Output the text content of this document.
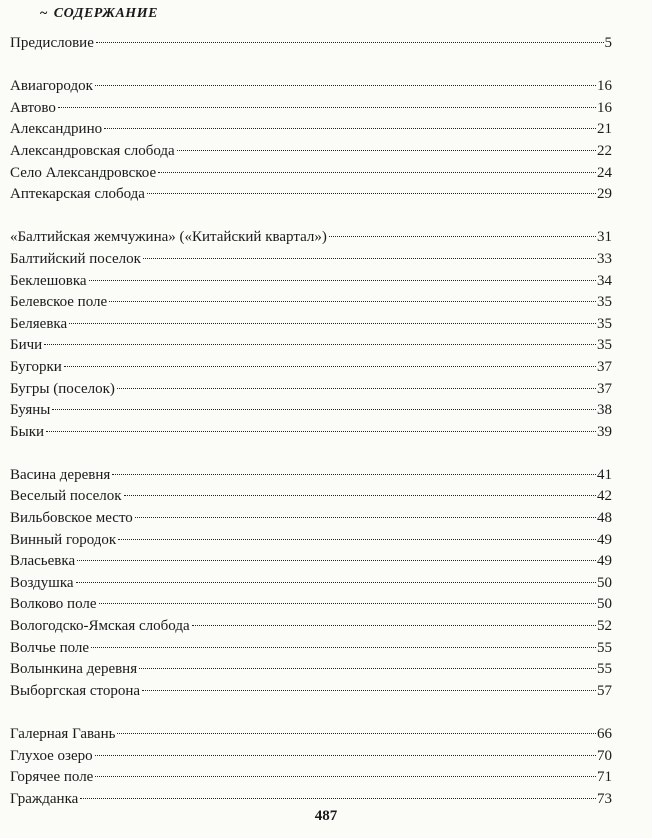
~ СОДЕРЖАНИЕ
Предисловие	5
Авиагородок	16
Автово	16
Александрино	21
Александровская слобода	22
Село Александровское	24
Аптекарская слобода	29
«Балтийская жемчужина» («Китайский квартал»)	31
Балтийский поселок	33
Беклешовка	34
Белевское поле	35
Беляевка	35
Бичи	35
Бугорки	37
Бугры (поселок)	37
Буяны	38
Быки	39
Васина деревня	41
Веселый поселок	42
Вильбовское место	48
Винный городок	49
Власьевка	49
Воздушка	50
Волково поле	50
Вологодско-Ямская слобода	52
Волчье поле	55
Волынкина деревня	55
Выборгская сторона	57
Галерная Гавань	66
Глухое озеро	70
Горячее поле	71
Гражданка	73
487
